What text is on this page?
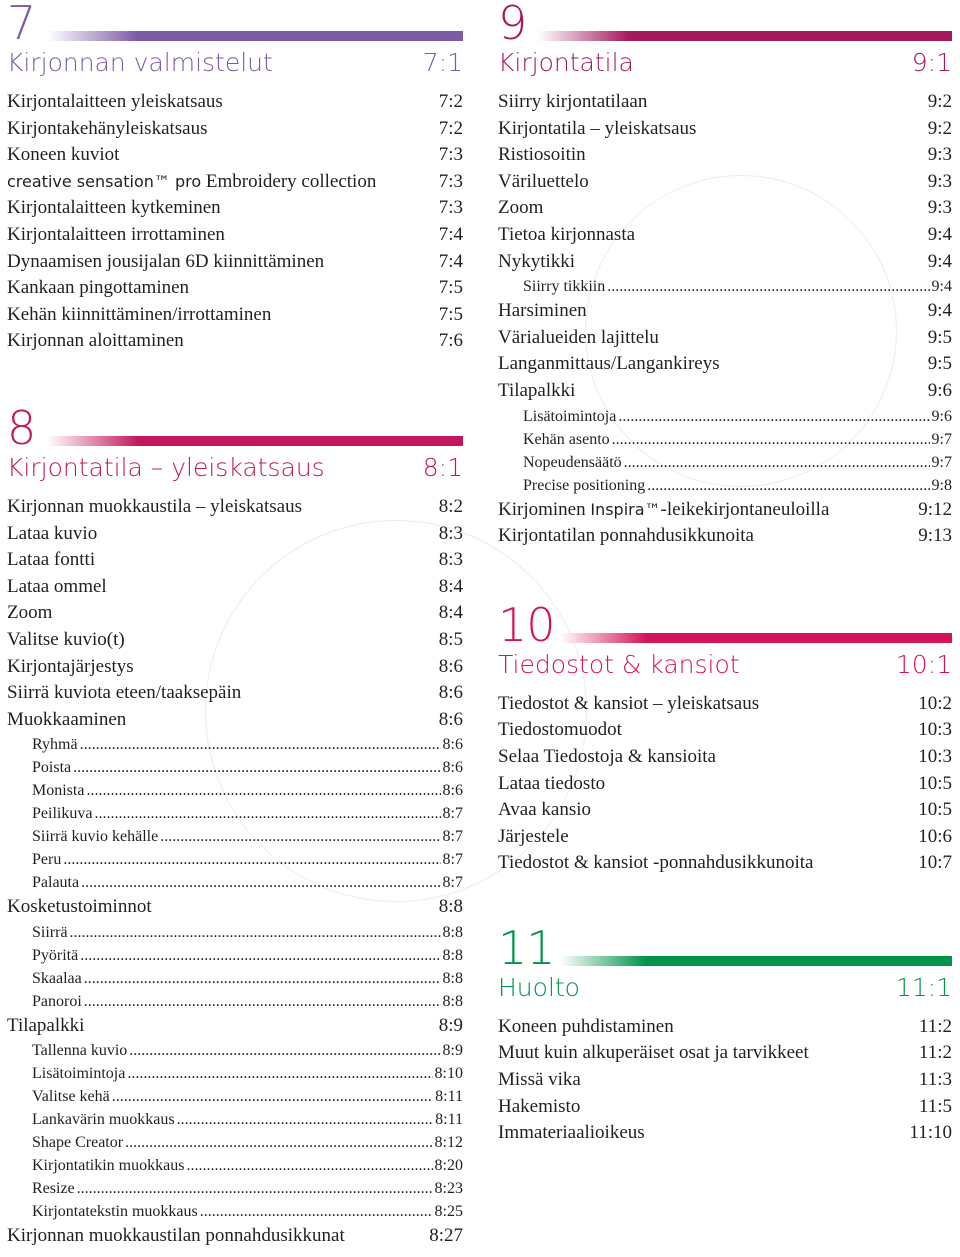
7
Kirjonnan valmistelut	7:1
Kirjontalaitteen yleiskatsaus	7:2
Kirjontakehänyleiskatsaus	7:2
Koneen kuviot	7:3
creative sensation™ pro Embroidery collection	7:3
Kirjontalaitteen kytkeminen	7:3
Kirjontalaitteen irrottaminen	7:4
Dynaamisen jousijalan 6D kiinnittäminen	7:4
Kankaan pingottaminen	7:5
Kehän kiinnittäminen/irrottaminen	7:5
Kirjonnan aloittaminen	7:6
8
Kirjontatila – yleiskatsaus	8:1
Kirjonnan muokkaustila – yleiskatsaus	8:2
Lataa kuvio	8:3
Lataa fontti	8:3
Lataa ommel	8:4
Zoom	8:4
Valitse kuvio(t)	8:5
Kirjontajärjestys	8:6
Siirrä kuviota eteen/taaksepäin	8:6
Muokkaaminen	8:6
Ryhmä .....	8:6
Poista .....	8:6
Monista .....	8:6
Peilikuva .....	8:7
Siirrä kuvio kehälle .....	8:7
Peru .....	8:7
Palauta .....	8:7
Kosketustoiminnot	8:8
Siirrä .....	8:8
Pyöritä .....	8:8
Skaalaa .....	8:8
Panoroi .....	8:8
Tilapalkki	8:9
Tallenna kuvio .....	8:9
Lisätoimintoja .....	8:10
Valitse kehä .....	8:11
Lankavärin muokkaus .....	8:11
Shape Creator .....	8:12
Kirjontatikin muokkaus .....	8:20
Resize .....	8:23
Kirjontatekstin muokkaus .....	8:25
Kirjonnan muokkaustilan ponnahdusikkunat	8:27
9
Kirjontatila	9:1
Siirry kirjontatilaan	9:2
Kirjontatila – yleiskatsaus	9:2
Ristiosoitin	9:3
Väriluettelo	9:3
Zoom	9:3
Tietoa kirjonnasta	9:4
Nykytikki	9:4
Siirry tikkiin .....	9:4
Harsiminen	9:4
Värialueiden lajittelu	9:5
Langanmittaus/Langankireys	9:5
Tilapalkki	9:6
Lisätoimintoja .....	9:6
Kehän asento .....	9:7
Nopeudensäätö .....	9:7
Precise positioning .....	9:8
Kirjominen Inspira™-leikekirjontaneuloilla	9:12
Kirjontatilan ponnahdusikkunoita	9:13
10
Tiedostot & kansiot	10:1
Tiedostot & kansiot – yleiskatsaus	10:2
Tiedostomuodot	10:3
Selaa Tiedostoja & kansioita	10:3
Lataa tiedosto	10:5
Avaa kansio	10:5
Järjestele	10:6
Tiedostot & kansiot -ponnahdusikkunoita	10:7
11
Huolto	11:1
Koneen puhdistaminen	11:2
Muut kuin alkuperäiset osat ja tarvikkeet	11:2
Missä vika	11:3
Hakemisto	11:5
Immateriaalioikeus	11:10
